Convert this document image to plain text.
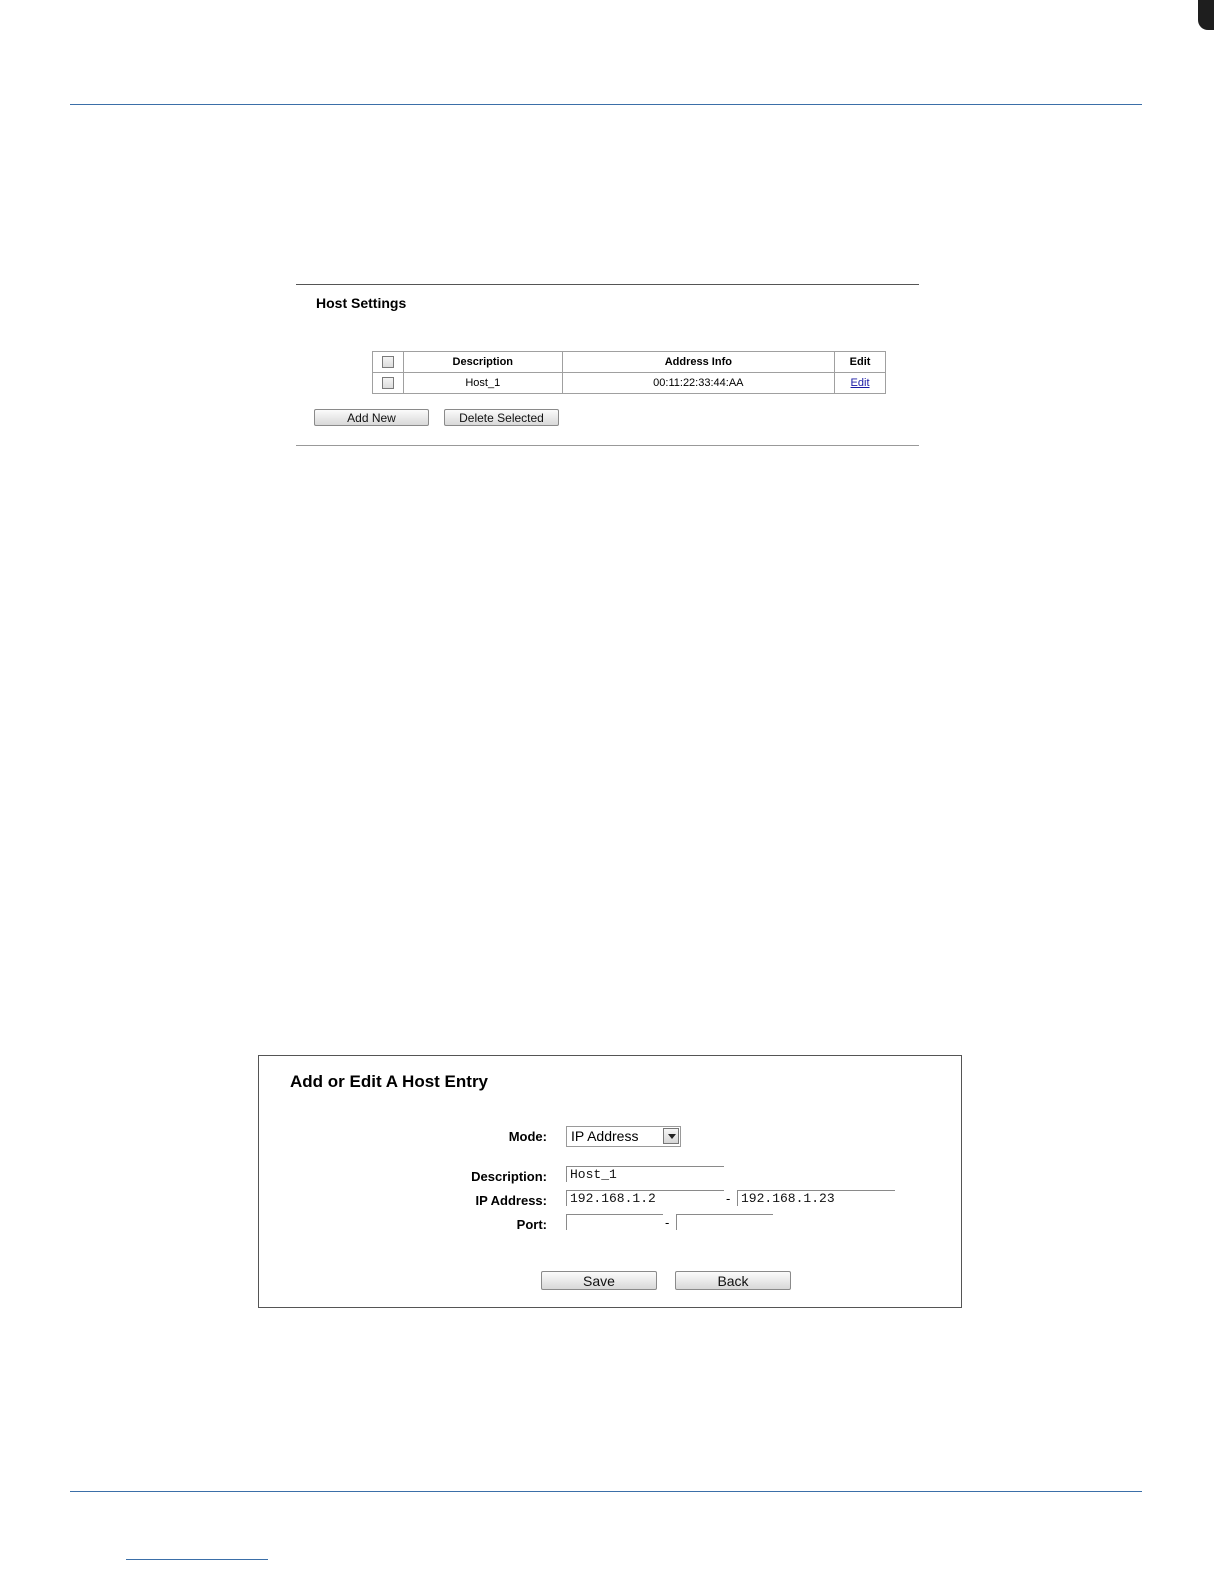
Host Settings
	Description	Address Info	Edit
	Host_1	00:11:22:33:44:AA	Edit
Add New	Delete Selected
Add or Edit A Host Entry
Mode: IP Address
Description:
Host_1
IP Address:
192.168.1.2	-
192.168.1.23
Port:	-
Save	Back
